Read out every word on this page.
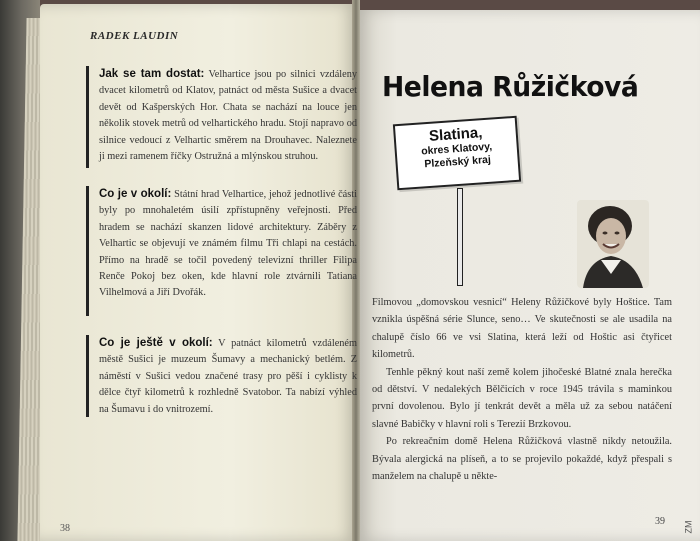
RADEK LAUDIN
Jak se tam dostat: Velhartice jsou po silnici vzdáleny dvacet kilometrů od Klatov, patnáct od města Sušice a dvacet devět od Kašperských Hor. Chata se nachází na louce jen několik stovek metrů od velhartického hradu. Stojí napravo od silnice vedoucí z Velhartic směrem na Drouhavec. Naleznete ji mezi ramenem říčky Ostružná a mlýnskou struhou.
Co je v okolí: Státní hrad Velhartice, jehož jednotlivé části byly po mnohaletém úsilí zpřístupněny veřejnosti. Před hradem se nachází skanzen lidové architektury. Záběry z Velhartic se objevují ve známém filmu Tři chlapi na cestách. Přímo na hradě se točil povedený televizní thriller Filipa Renče Pokoj bez oken, kde hlavní role ztvárnili Tatiana Vilhelmová a Jiří Dvořák.
Co je ještě v okolí: V patnáct kilometrů vzdáleném městě Sušici je muzeum Šumavy a mechanický betlém. Z náměstí v Sušici vedou značené trasy pro pěší i cyklisty k dělce čtyř kilometrů k rozhledně Svatobor. Ta nabízí výhled na Šumavu i do vnitrozemí.
38
Helena Růžičková
Slatina,
okres Klatovy,
Plzeňský kraj

Filmovou „domovskou vesnicí“ Heleny Růžičkové byly Hoštice. Tam vznikla úspěšná série Slunce, seno… Ve skutečnosti se ale usadila na chalupě číslo 66 ve vsi Slatina, která leží od Hoštic asi čtyřicet kilometrů.

Tenhle pěkný kout naší země kolem jihočeské Blatné znala herečka od dětství. V nedalekých Bělčicích v roce 1945 trávila s maminkou první dovolenou. Bylo jí tenkrát devět a měla už za sebou natáčení slavné Babičky v hlavní roli s Terezií Brzkovou.

Po rekreačním domě Helena Růžičková vlastně nikdy netoužila. Bývala alergická na plíseň, a to se projevilo pokaždé, když přespali s manželem na chalupě u někte-

39 ZM
